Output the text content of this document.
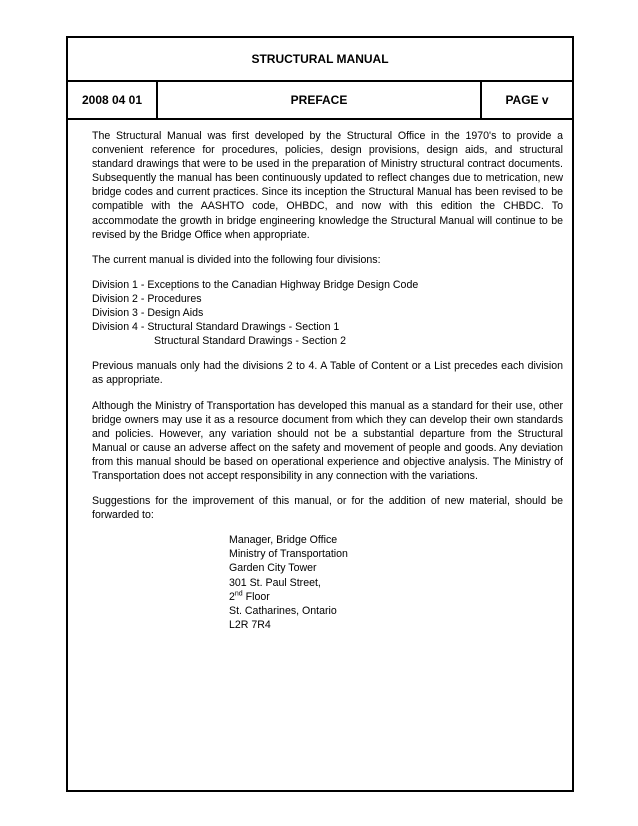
STRUCTURAL MANUAL
2008 04 01	PREFACE	PAGE v

The Structural Manual was first developed by the Structural Office in the 1970's to provide a convenient reference for procedures, policies, design provisions, design aids, and structural standard drawings that were to be used in the preparation of Ministry structural contract documents. Subsequently the manual has been continuously updated to reflect changes due to metrication, new bridge codes and current practices. Since its inception the Structural Manual has been revised to be compatible with the AASHTO code, OHBDC, and now with this edition the CHBDC. To accommodate the growth in bridge engineering knowledge the Structural Manual will continue to be revised by the Bridge Office when appropriate.

The current manual is divided into the following four divisions:

Division 1 - Exceptions to the Canadian Highway Bridge Design Code
Division 2 - Procedures
Division 3 - Design Aids
Division 4 - Structural Standard Drawings - Section 1
Structural Standard Drawings - Section 2

Previous manuals only had the divisions 2 to 4. A Table of Content or a List precedes each division as appropriate.

Although the Ministry of Transportation has developed this manual as a standard for their use, other bridge owners may use it as a resource document from which they can develop their own standards and policies. However, any variation should not be a substantial departure from the Structural Manual or cause an adverse affect on the safety and movement of people and goods. Any deviation from this manual should be based on operational experience and objective analysis. The Ministry of Transportation does not accept responsibility in any connection with the variations.

Suggestions for the improvement of this manual, or for the addition of new material, should be forwarded to:

Manager, Bridge Office
Ministry of Transportation
Garden City Tower
301 St. Paul Street,
2nd Floor
St. Catharines, Ontario
L2R 7R4
